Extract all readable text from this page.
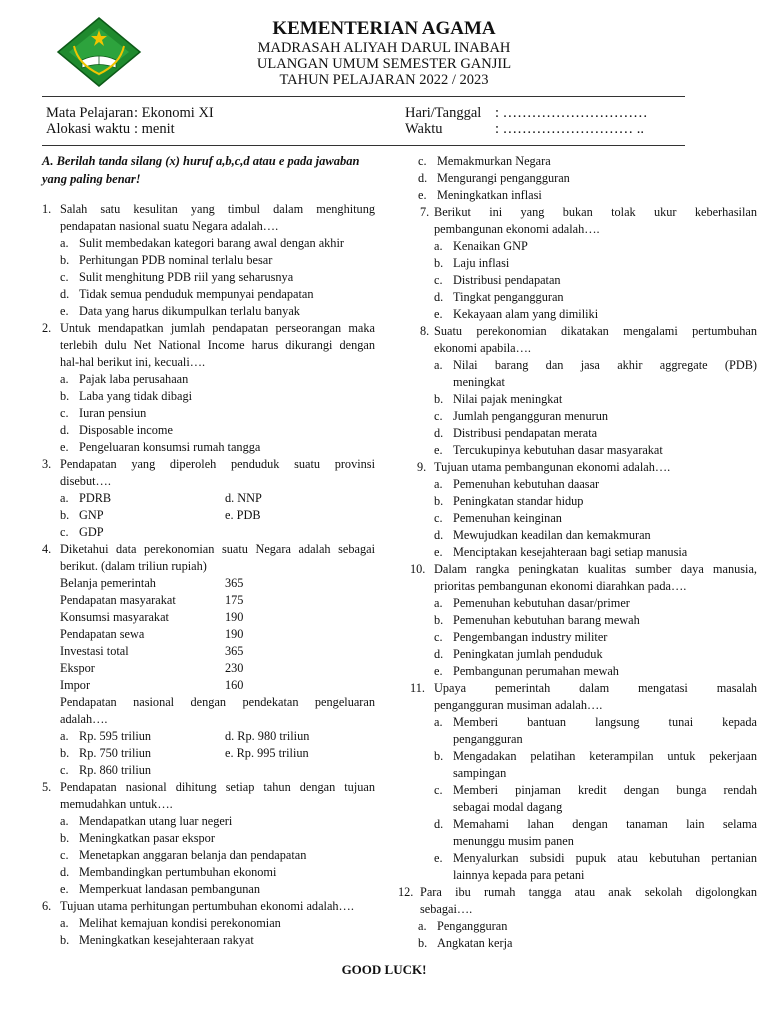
KEMENTERIAN AGAMA
MADRASAH ALIYAH DARUL INABAH
ULANGAN UMUM SEMESTER GANJIL
TAHUN PELAJARAN 2022 / 2023
Mata Pelajaran : Ekonomi XI
Alokasi waktu : menit
Hari/Tanggal : …………………………
Waktu	: ……………………… ..
A. Berilah tanda silang (x) huruf a,b,c,d atau e pada jawaban
yang paling benar!
1. Salah satu kesulitan yang timbul dalam menghitung
pendapatan nasional suatu Negara adalah….
a. Sulit membedakan kategori barang awal dengan akhir
b. Perhitungan PDB nominal terlalu besar
c. Sulit menghitung PDB riil yang seharusnya
d. Tidak semua penduduk mempunyai pendapatan
e. Data yang harus dikumpulkan terlalu banyak
2. Untuk mendapatkan jumlah pendapatan perseorangan maka
terlebih dulu Net National Income harus dikurangi dengan
hal-hal berikut ini, kecuali….
a. Pajak laba perusahaan
b. Laba yang tidak dibagi
c. Iuran pensiun
d. Disposable income
e. Pengeluaran konsumsi rumah tangga
3. Pendapatan yang diperoleh penduduk suatu provinsi
disebut….
a. PDRB	d. NNP
b. GNP	e. PDB
c. GDP
4. Diketahui data perekonomian suatu Negara adalah sebagai
berikut. (dalam triliun rupiah)
Belanja pemerintah	365
Pendapatan masyarakat	175
Konsumsi masyarakat	190
Pendapatan sewa	190
Investasi total	365
Ekspor	230
Impor	160
Pendapatan nasional dengan pendekatan pengeluaran
adalah….
a. Rp. 595 triliun	d. Rp. 980 triliun
b. Rp. 750 triliun	e. Rp. 995 triliun
c. Rp. 860 triliun
5. Pendapatan nasional dihitung setiap tahun dengan tujuan
memudahkan untuk….
a. Mendapatkan utang luar negeri
b. Meningkatkan pasar ekspor
c. Menetapkan anggaran belanja dan pendapatan
d. Membandingkan pertumbuhan ekonomi
e. Memperkuat landasan pembangunan
6. Tujuan utama perhitungan pertumbuhan ekonomi adalah….
a. Melihat kemajuan kondisi perekonomian
b. Meningkatkan kesejahteraan rakyat
c. Memakmurkan Negara
d. Mengurangi pengangguran
e. Meningkatkan inflasi
7. Berikut ini yang bukan tolak ukur keberhasilan
pembangunan ekonomi adalah….
a. Kenaikan GNP
b. Laju inflasi
c. Distribusi pendapatan
d. Tingkat pengangguran
e. Kekayaan alam yang dimiliki
8. Suatu perekonomian dikatakan mengalami pertumbuhan
ekonomi apabila….
a. Nilai barang dan jasa akhir aggregate (PDB)
meningkat
b. Nilai pajak meningkat
c. Jumlah pengangguran menurun
d. Distribusi pendapatan merata
e. Tercukupinya kebutuhan dasar masyarakat
9. Tujuan utama pembangunan ekonomi adalah….
a. Pemenuhan kebutuhan daasar
b. Peningkatan standar hidup
c. Pemenuhan keinginan
d. Mewujudkan keadilan dan kemakmuran
e. Menciptakan kesejahteraan bagi setiap manusia
10. Dalam rangka peningkatan kualitas sumber daya manusia,
prioritas pembangunan ekonomi diarahkan pada….
a. Pemenuhan kebutuhan dasar/primer
b. Pemenuhan kebutuhan barang mewah
c. Pengembangan industry militer
d. Peningkatan jumlah penduduk
e. Pembangunan perumahan mewah
11. Upaya pemerintah dalam mengatasi masalah
pengangguran musiman adalah….
a. Memberi bantuan langsung tunai kepada
pengangguran
b. Mengadakan pelatihan keterampilan untuk pekerjaan
sampingan
c. Memberi pinjaman kredit dengan bunga rendah
sebagai modal dagang
d. Memahami lahan dengan tanaman lain selama
menunggu musim panen
e. Menyalurkan subsidi pupuk atau kebutuhan pertanian
lainnya kepada para petani
12. Para ibu rumah tangga atau anak sekolah digolongkan
sebagai….
a. Pengangguran
b. Angkatan kerja
GOOD LUCK!
